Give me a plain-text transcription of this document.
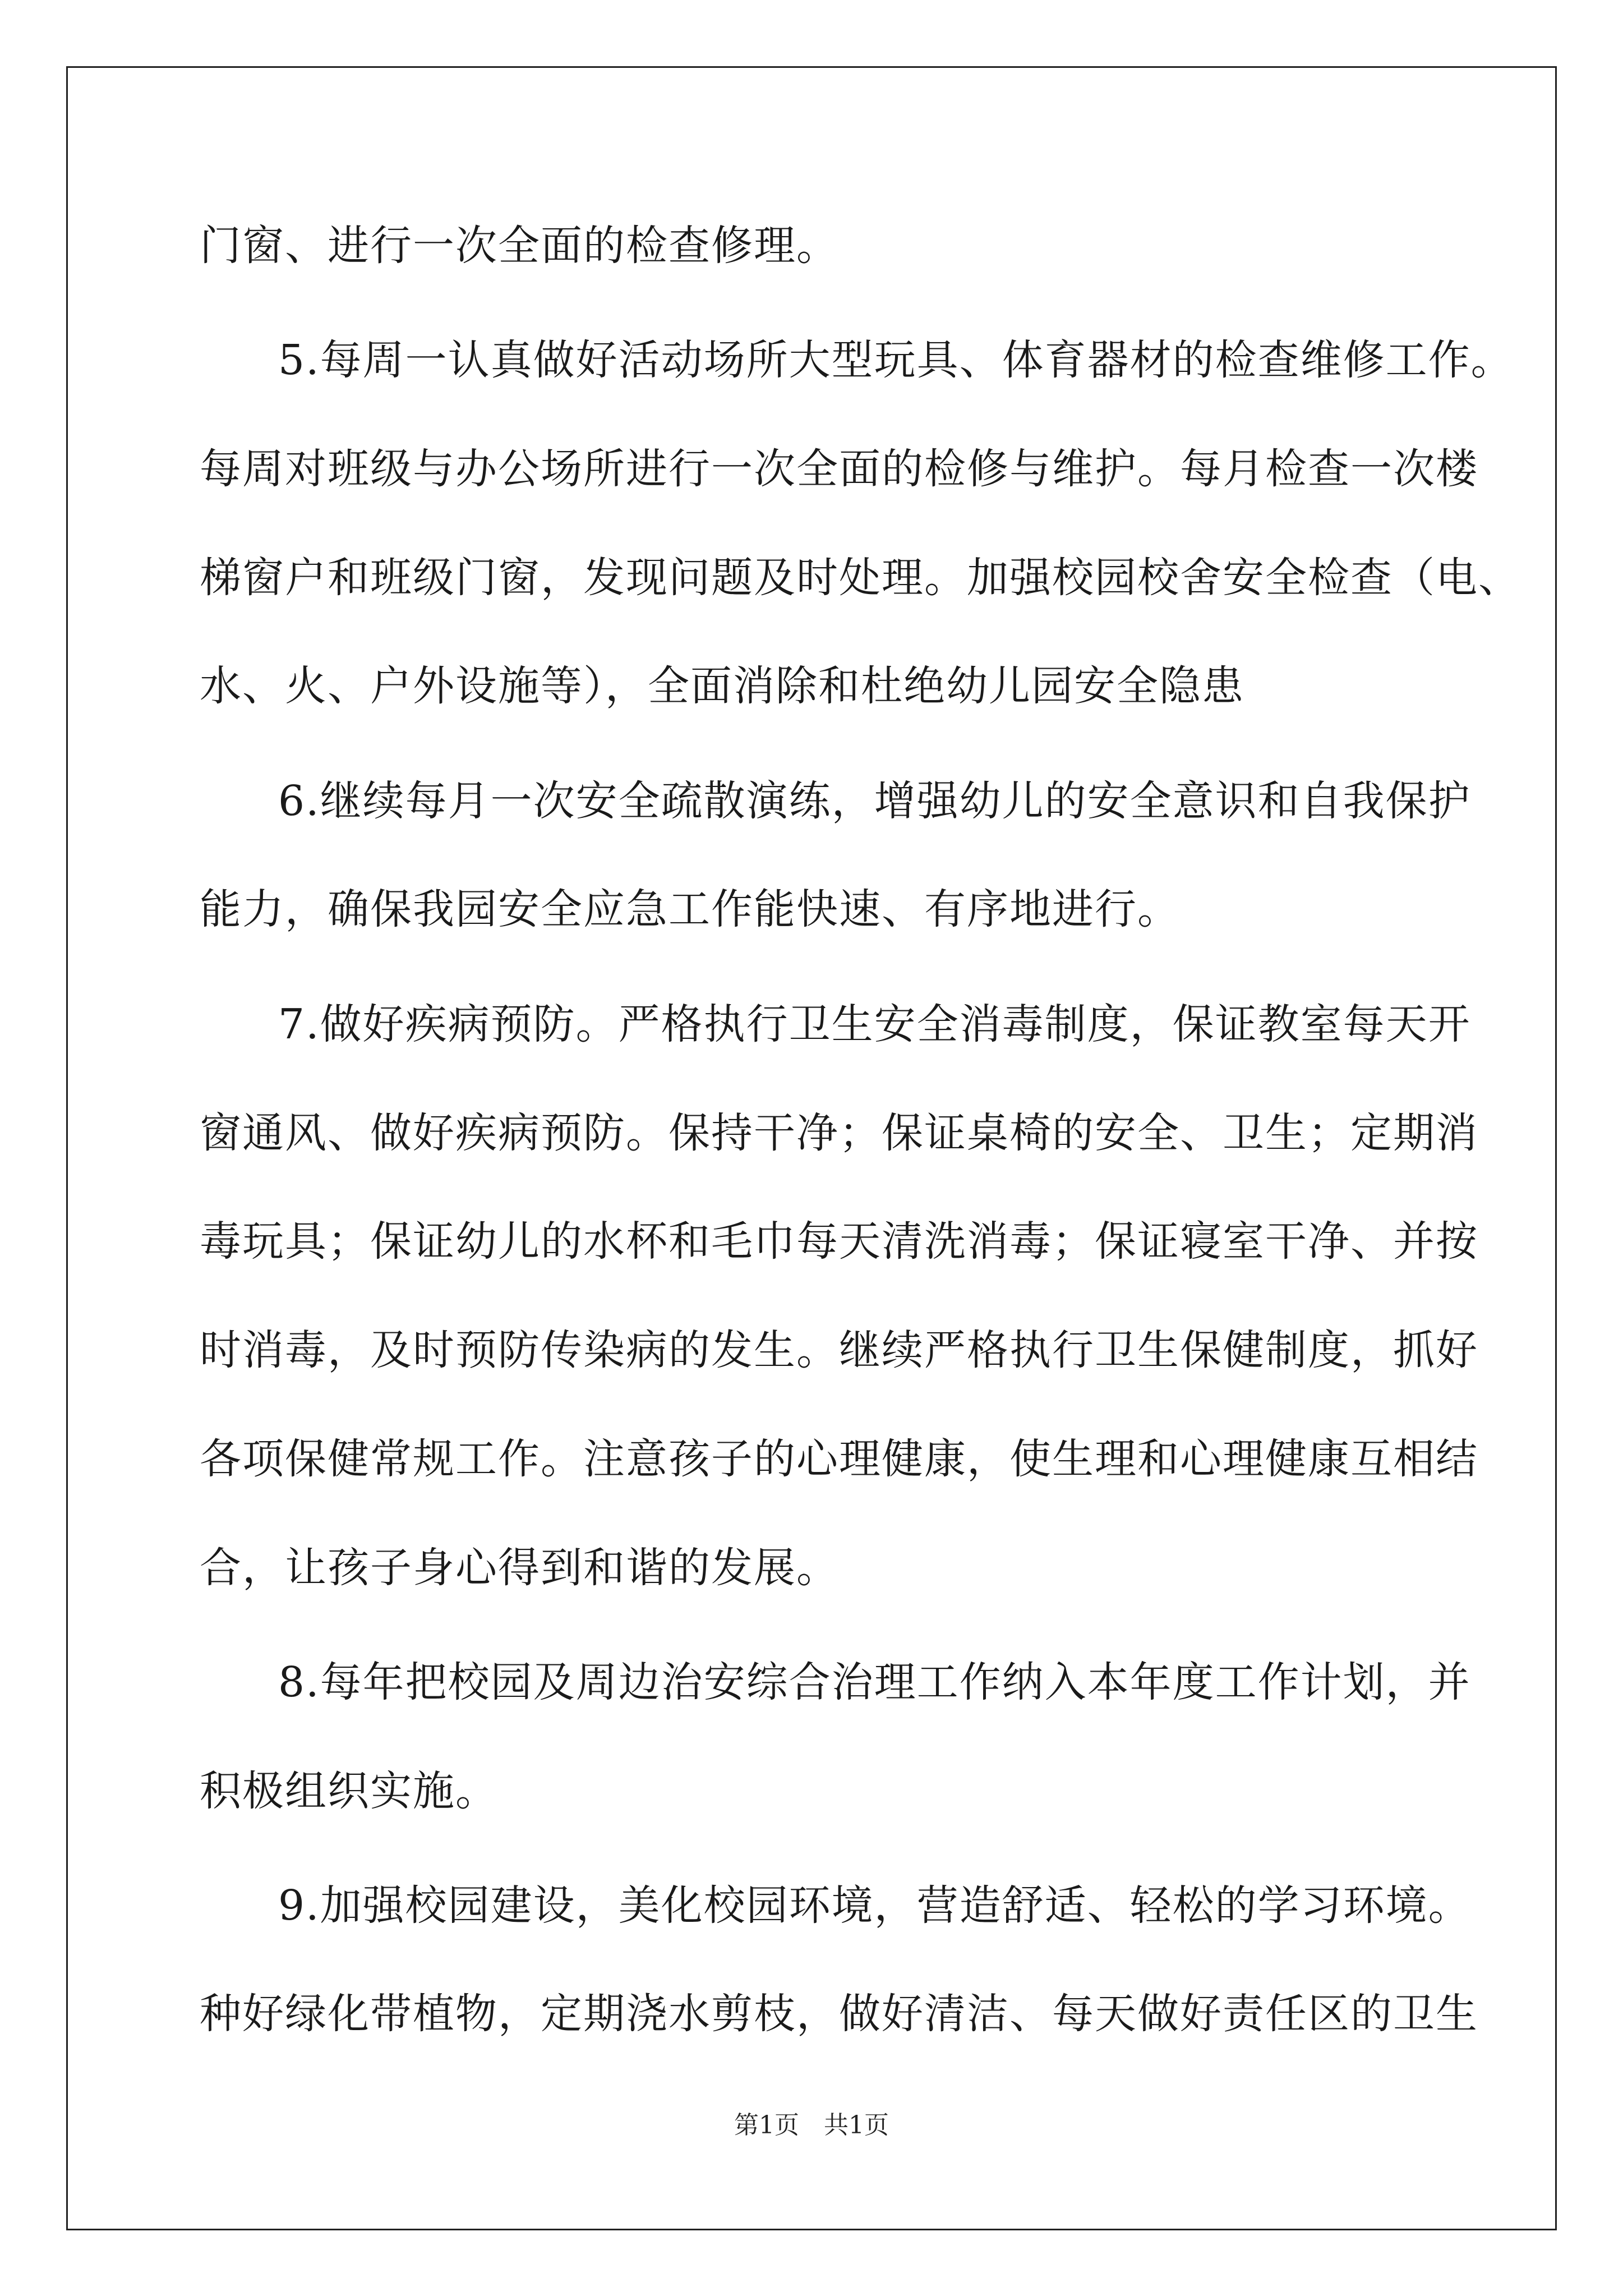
门窗、进行一次全面的检查修理。
5.每周一认真做好活动场所大型玩具、体育器材的检查维修工作。
每周对班级与办公场所进行一次全面的检修与维护。每月检查一次楼
梯窗户和班级门窗，发现问题及时处理。加强校园校舍安全检查（电、
水、火、户外设施等），全面消除和杜绝幼儿园安全隐患
6.继续每月一次安全疏散演练，增强幼儿的安全意识和自我保护
能力，确保我园安全应急工作能快速、有序地进行。
7.做好疾病预防。严格执行卫生安全消毒制度，保证教室每天开
窗通风、做好疾病预防。保持干净；保证桌椅的安全、卫生；定期消
毒玩具；保证幼儿的水杯和毛巾每天清洗消毒；保证寝室干净、并按
时消毒，及时预防传染病的发生。继续严格执行卫生保健制度，抓好
各项保健常规工作。注意孩子的心理健康，使生理和心理健康互相结
合，让孩子身心得到和谐的发展。
8.每年把校园及周边治安综合治理工作纳入本年度工作计划，并
积极组织实施。
9.加强校园建设，美化校园环境，营造舒适、轻松的学习环境。
种好绿化带植物，定期浇水剪枝，做好清洁、每天做好责任区的卫生
第1页　共1页
